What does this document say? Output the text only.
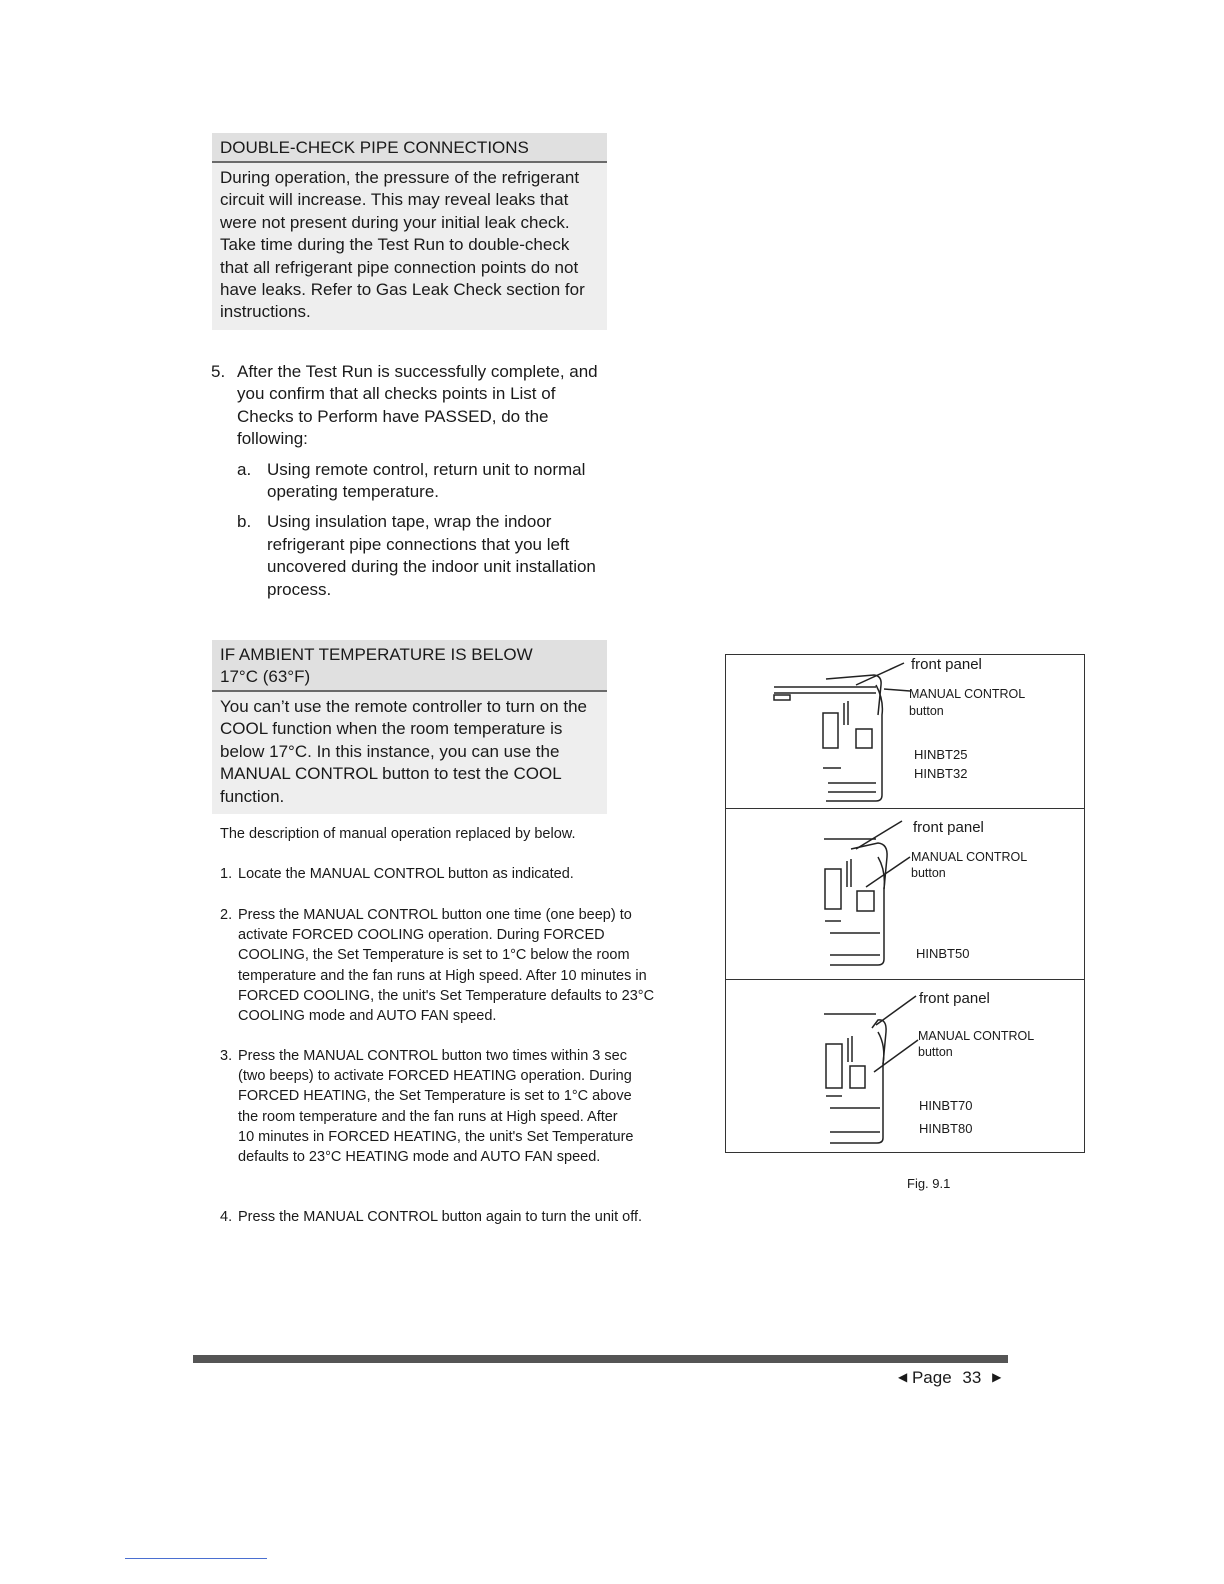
DOUBLE-CHECK PIPE CONNECTIONS
During operation, the pressure of the refrigerant circuit will increase. This may reveal leaks that were not present during your initial leak check. Take time during the Test Run to double-check that all refrigerant pipe connection points do not have leaks. Refer to Gas Leak Check section for instructions.
5. After the Test Run is successfully complete, and you confirm that all checks points in List of Checks to Perform have PASSED, do the following:
a. Using remote control, return unit to normal operating temperature.
b. Using insulation tape, wrap the indoor refrigerant pipe connections that you left uncovered during the indoor unit installation process.
IF AMBIENT TEMPERATURE IS BELOW 17°C (63°F)
You can’t use the remote controller to turn on the COOL function when the room temperature is below 17°C. In this instance, you can use the MANUAL CONTROL button to test the COOL function.
The description of manual operation replaced by below.
1. Locate the MANUAL CONTROL button as indicated.
2. Press the MANUAL CONTROL button one time (one beep) to activate FORCED COOLING operation. During FORCED COOLING, the Set Temperature is set to 1°C below the room temperature and the fan runs at High speed. After 10 minutes in FORCED COOLING, the unit's Set Temperature defaults to 23°C COOLING mode and AUTO FAN speed.
3. Press the MANUAL CONTROL button two times within 3 sec (two beeps) to activate FORCED HEATING operation. During FORCED HEATING, the Set Temperature is set to 1°C above the room temperature and the fan runs at High speed. After 10 minutes in FORCED HEATING, the unit's Set Temperature defaults to 23°C HEATING mode and AUTO FAN speed.
4. Press the MANUAL CONTROL button again to turn the unit off.
front panel
MANUAL CONTROL
button
HINBT25
HINBT32
front panel
MANUAL CONTROL
button
HINBT50
front panel
MANUAL CONTROL
button
HINBT70
HINBT80
Fig. 9.1
◀ Page 33 ▶
